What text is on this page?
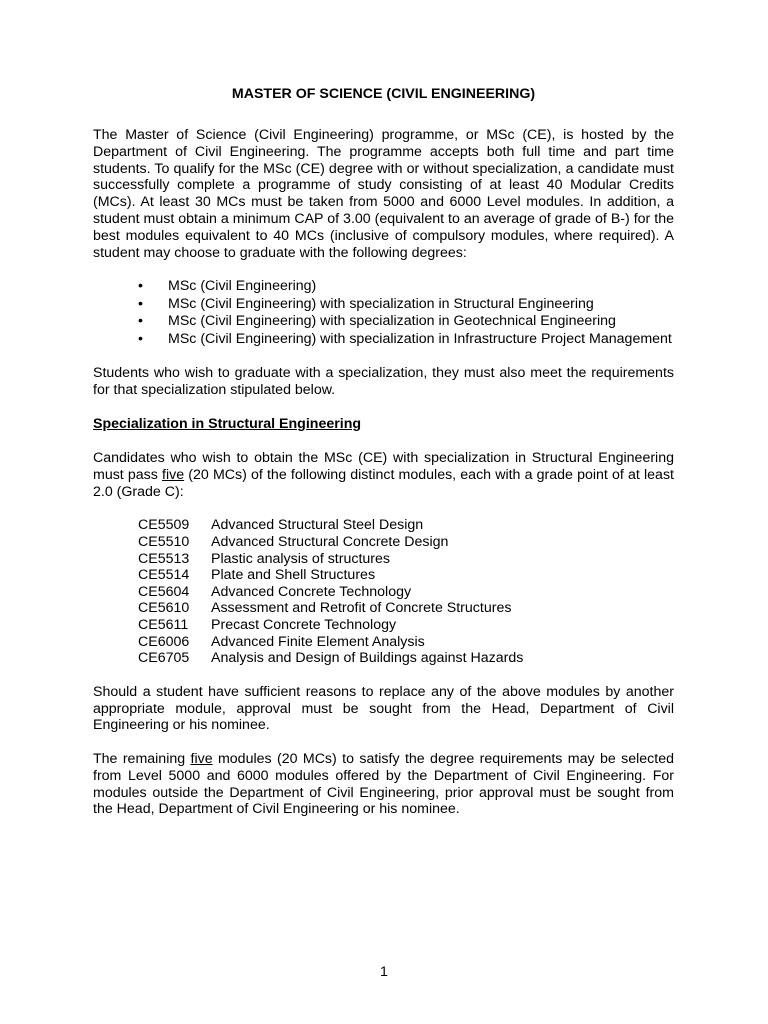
MASTER OF SCIENCE (CIVIL ENGINEERING)

The Master of Science (Civil Engineering) programme, or MSc (CE), is hosted by the Department of Civil Engineering. The programme accepts both full time and part time students. To qualify for the MSc (CE) degree with or without specialization, a candidate must successfully complete a programme of study consisting of at least 40 Modular Credits (MCs). At least 30 MCs must be taken from 5000 and 6000 Level modules. In addition, a student must obtain a minimum CAP of 3.00 (equivalent to an average of grade of B-) for the best modules equivalent to 40 MCs (inclusive of compulsory modules, where required). A student may choose to graduate with the following degrees:

• MSc (Civil Engineering)
• MSc (Civil Engineering) with specialization in Structural Engineering
• MSc (Civil Engineering) with specialization in Geotechnical Engineering
• MSc (Civil Engineering) with specialization in Infrastructure Project Management

Students who wish to graduate with a specialization, they must also meet the requirements for that specialization stipulated below.

Specialization in Structural Engineering

Candidates who wish to obtain the MSc (CE) with specialization in Structural Engineering must pass five (20 MCs) of the following distinct modules, each with a grade point of at least 2.0 (Grade C):

CE5509 Advanced Structural Steel Design
CE5510 Advanced Structural Concrete Design
CE5513 Plastic analysis of structures
CE5514 Plate and Shell Structures
CE5604 Advanced Concrete Technology
CE5610 Assessment and Retrofit of Concrete Structures
CE5611 Precast Concrete Technology
CE6006 Advanced Finite Element Analysis
CE6705 Analysis and Design of Buildings against Hazards

Should a student have sufficient reasons to replace any of the above modules by another appropriate module, approval must be sought from the Head, Department of Civil Engineering or his nominee.

The remaining five modules (20 MCs) to satisfy the degree requirements may be selected from Level 5000 and 6000 modules offered by the Department of Civil Engineering. For modules outside the Department of Civil Engineering, prior approval must be sought from the Head, Department of Civil Engineering or his nominee.

1
